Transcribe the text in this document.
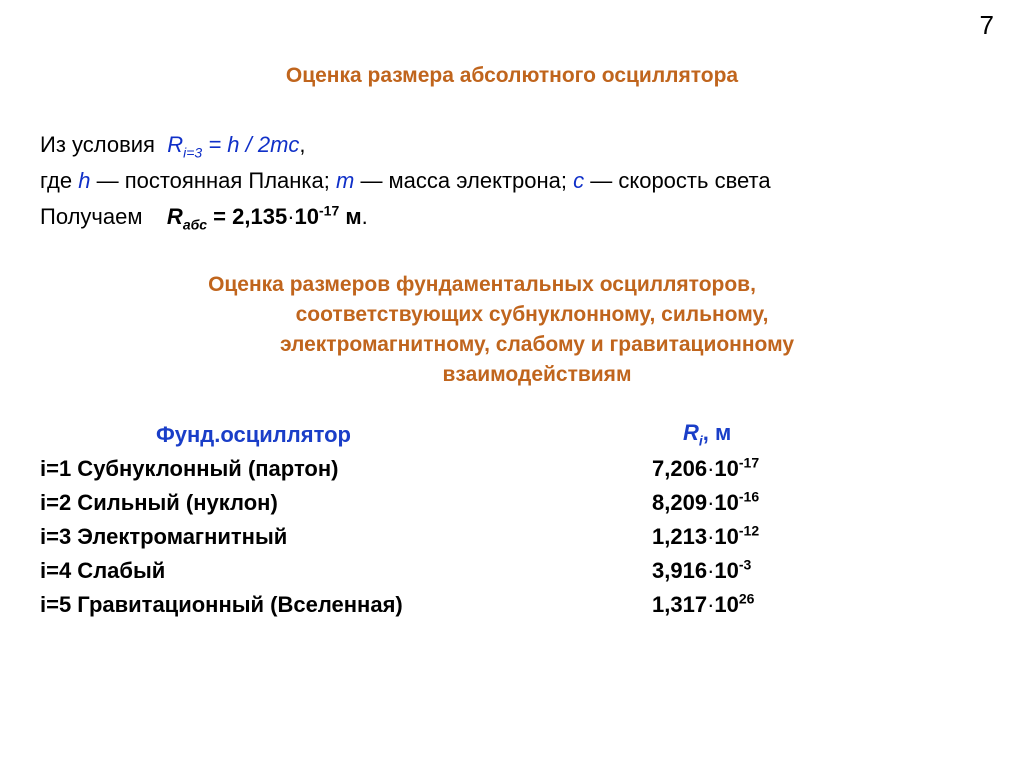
7
Оценка размера абсолютного осциллятора
Из условия $R_{i=3} = h / 2mc$,
где h — постоянная Планка; m — масса электрона; c — скорость света
Получаем $R_{абс} = 2,135\cdot 10^{-17}$ м.
Оценка размеров фундаментальных осцилляторов,
соответствующих субнуклонному, сильному,
электромагнитному, слабому и гравитационному
взаимодействиям
Фунд.осциллятор	$R_i$, м
i=1 Субнуклонный (партон)	$7,206\cdot 10^{-17}$
i=2 Сильный (нуклон)	$8,209\cdot 10^{-16}$
i=3 Электромагнитный	$1,213\cdot 10^{-12}$
i=4 Слабый	$3,916\cdot 10^{-3}$
i=5 Гравитационный (Вселенная)	$1,317\cdot 10^{26}$
